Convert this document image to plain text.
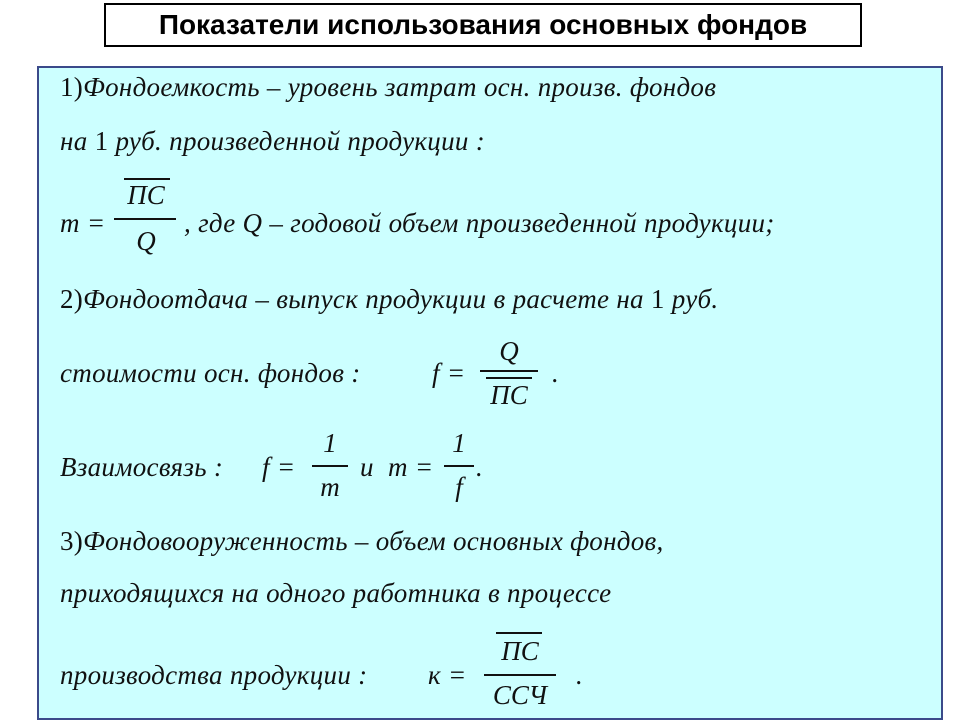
Показатели использования основных фондов
1)Фондоемкость – уровень затрат осн. произв. фондов
на 1 руб. произведенной продукции :
m =
ПС
Q
, где Q – годовой объем произведенной продукции;
2)Фондоотдача – выпуск продукции в расчете на 1 руб.
стоимости осн. фондов :	f =
Q
ПС
.
Взаимосвязь : f =
1
m
и m =
1
f
.
3)Фондовооруженность – объем основных фондов,
приходящихся на одного работника в процессе
производства продукции : к =
ПС
ССЧ
.
